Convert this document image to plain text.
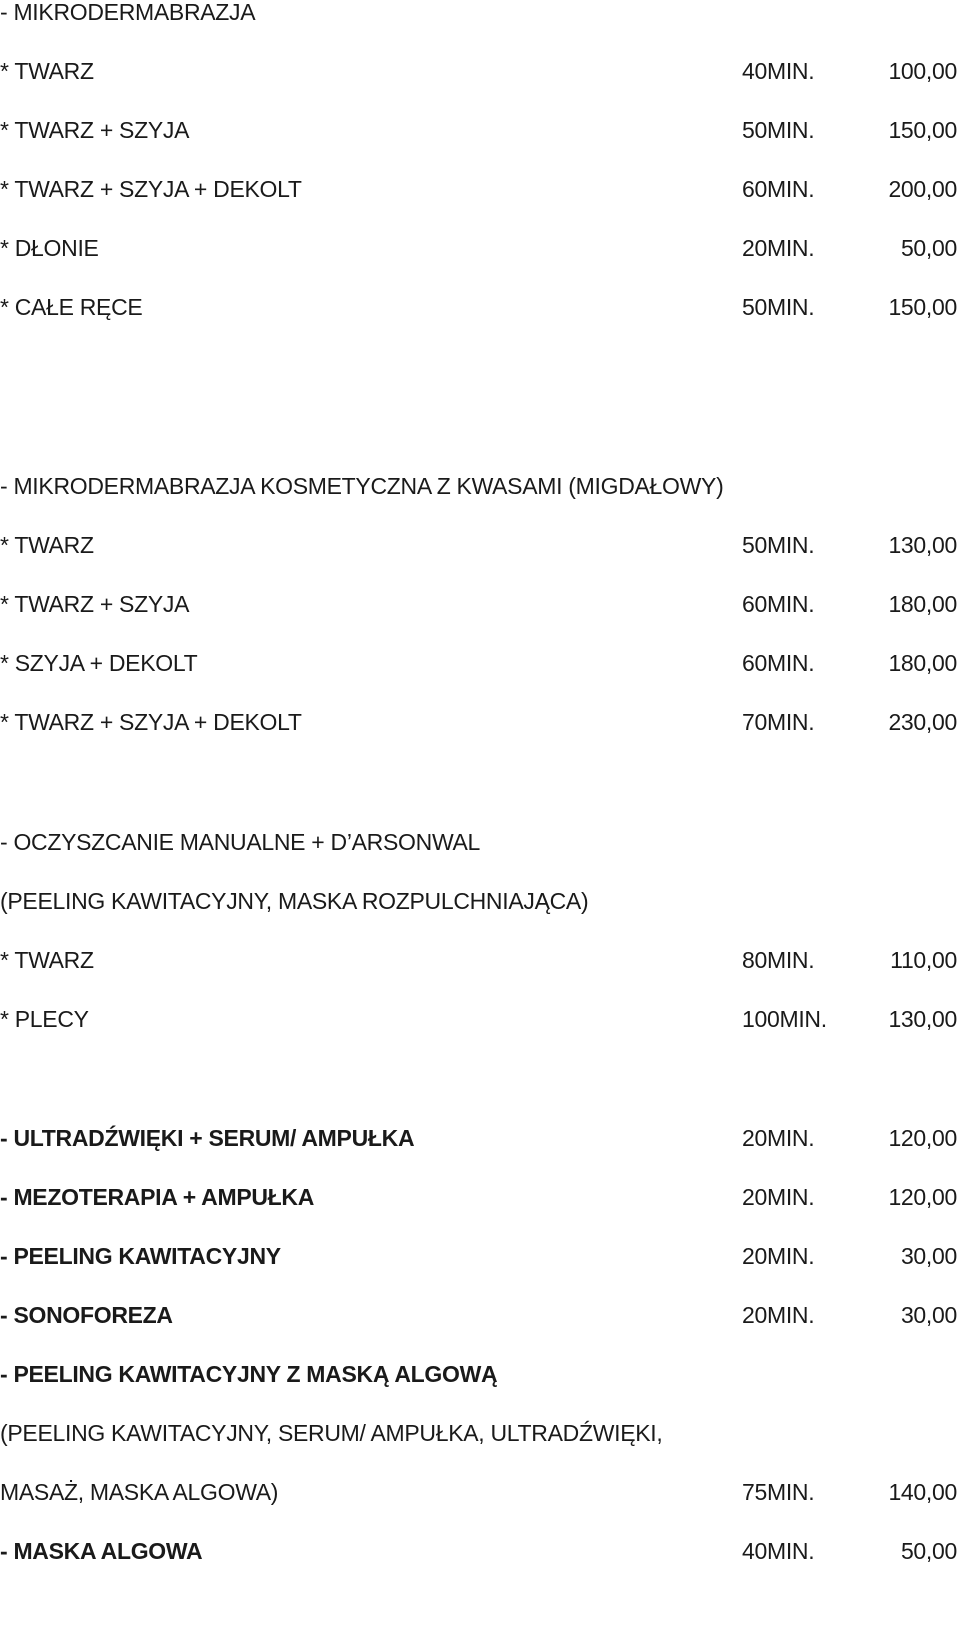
- MIKRODERMABRAZJA
* TWARZ	40MIN.	100,00
* TWARZ + SZYJA	50MIN.	150,00
* TWARZ + SZYJA + DEKOLT	60MIN.	200,00
* DŁONIE	20MIN.	50,00
* CAŁE RĘCE	50MIN.	150,00
- MIKRODERMABRAZJA KOSMETYCZNA Z KWASAMI (MIGDAŁOWY)
* TWARZ	50MIN.	130,00
* TWARZ + SZYJA	60MIN.	180,00
* SZYJA + DEKOLT	60MIN.	180,00
* TWARZ + SZYJA + DEKOLT	70MIN.	230,00
- OCZYSZCANIE MANUALNE + D’ARSONWAL
(PEELING KAWITACYJNY, MASKA ROZPULCHNIAJĄCA)
* TWARZ	80MIN.	110,00
* PLECY	100MIN.	130,00
- ULTRADŹWIĘKI + SERUM/ AMPUŁKA	20MIN.	120,00
- MEZOTERAPIA + AMPUŁKA	20MIN.	120,00
- PEELING KAWITACYJNY	20MIN.	30,00
- SONOFOREZA	20MIN.	30,00
- PEELING KAWITACYJNY Z MASKĄ ALGOWĄ
(PEELING KAWITACYJNY, SERUM/ AMPUŁKA, ULTRADŹWIĘKI,
MASAŻ, MASKA ALGOWA)	75MIN.	140,00
- MASKA ALGOWA	40MIN.	50,00
